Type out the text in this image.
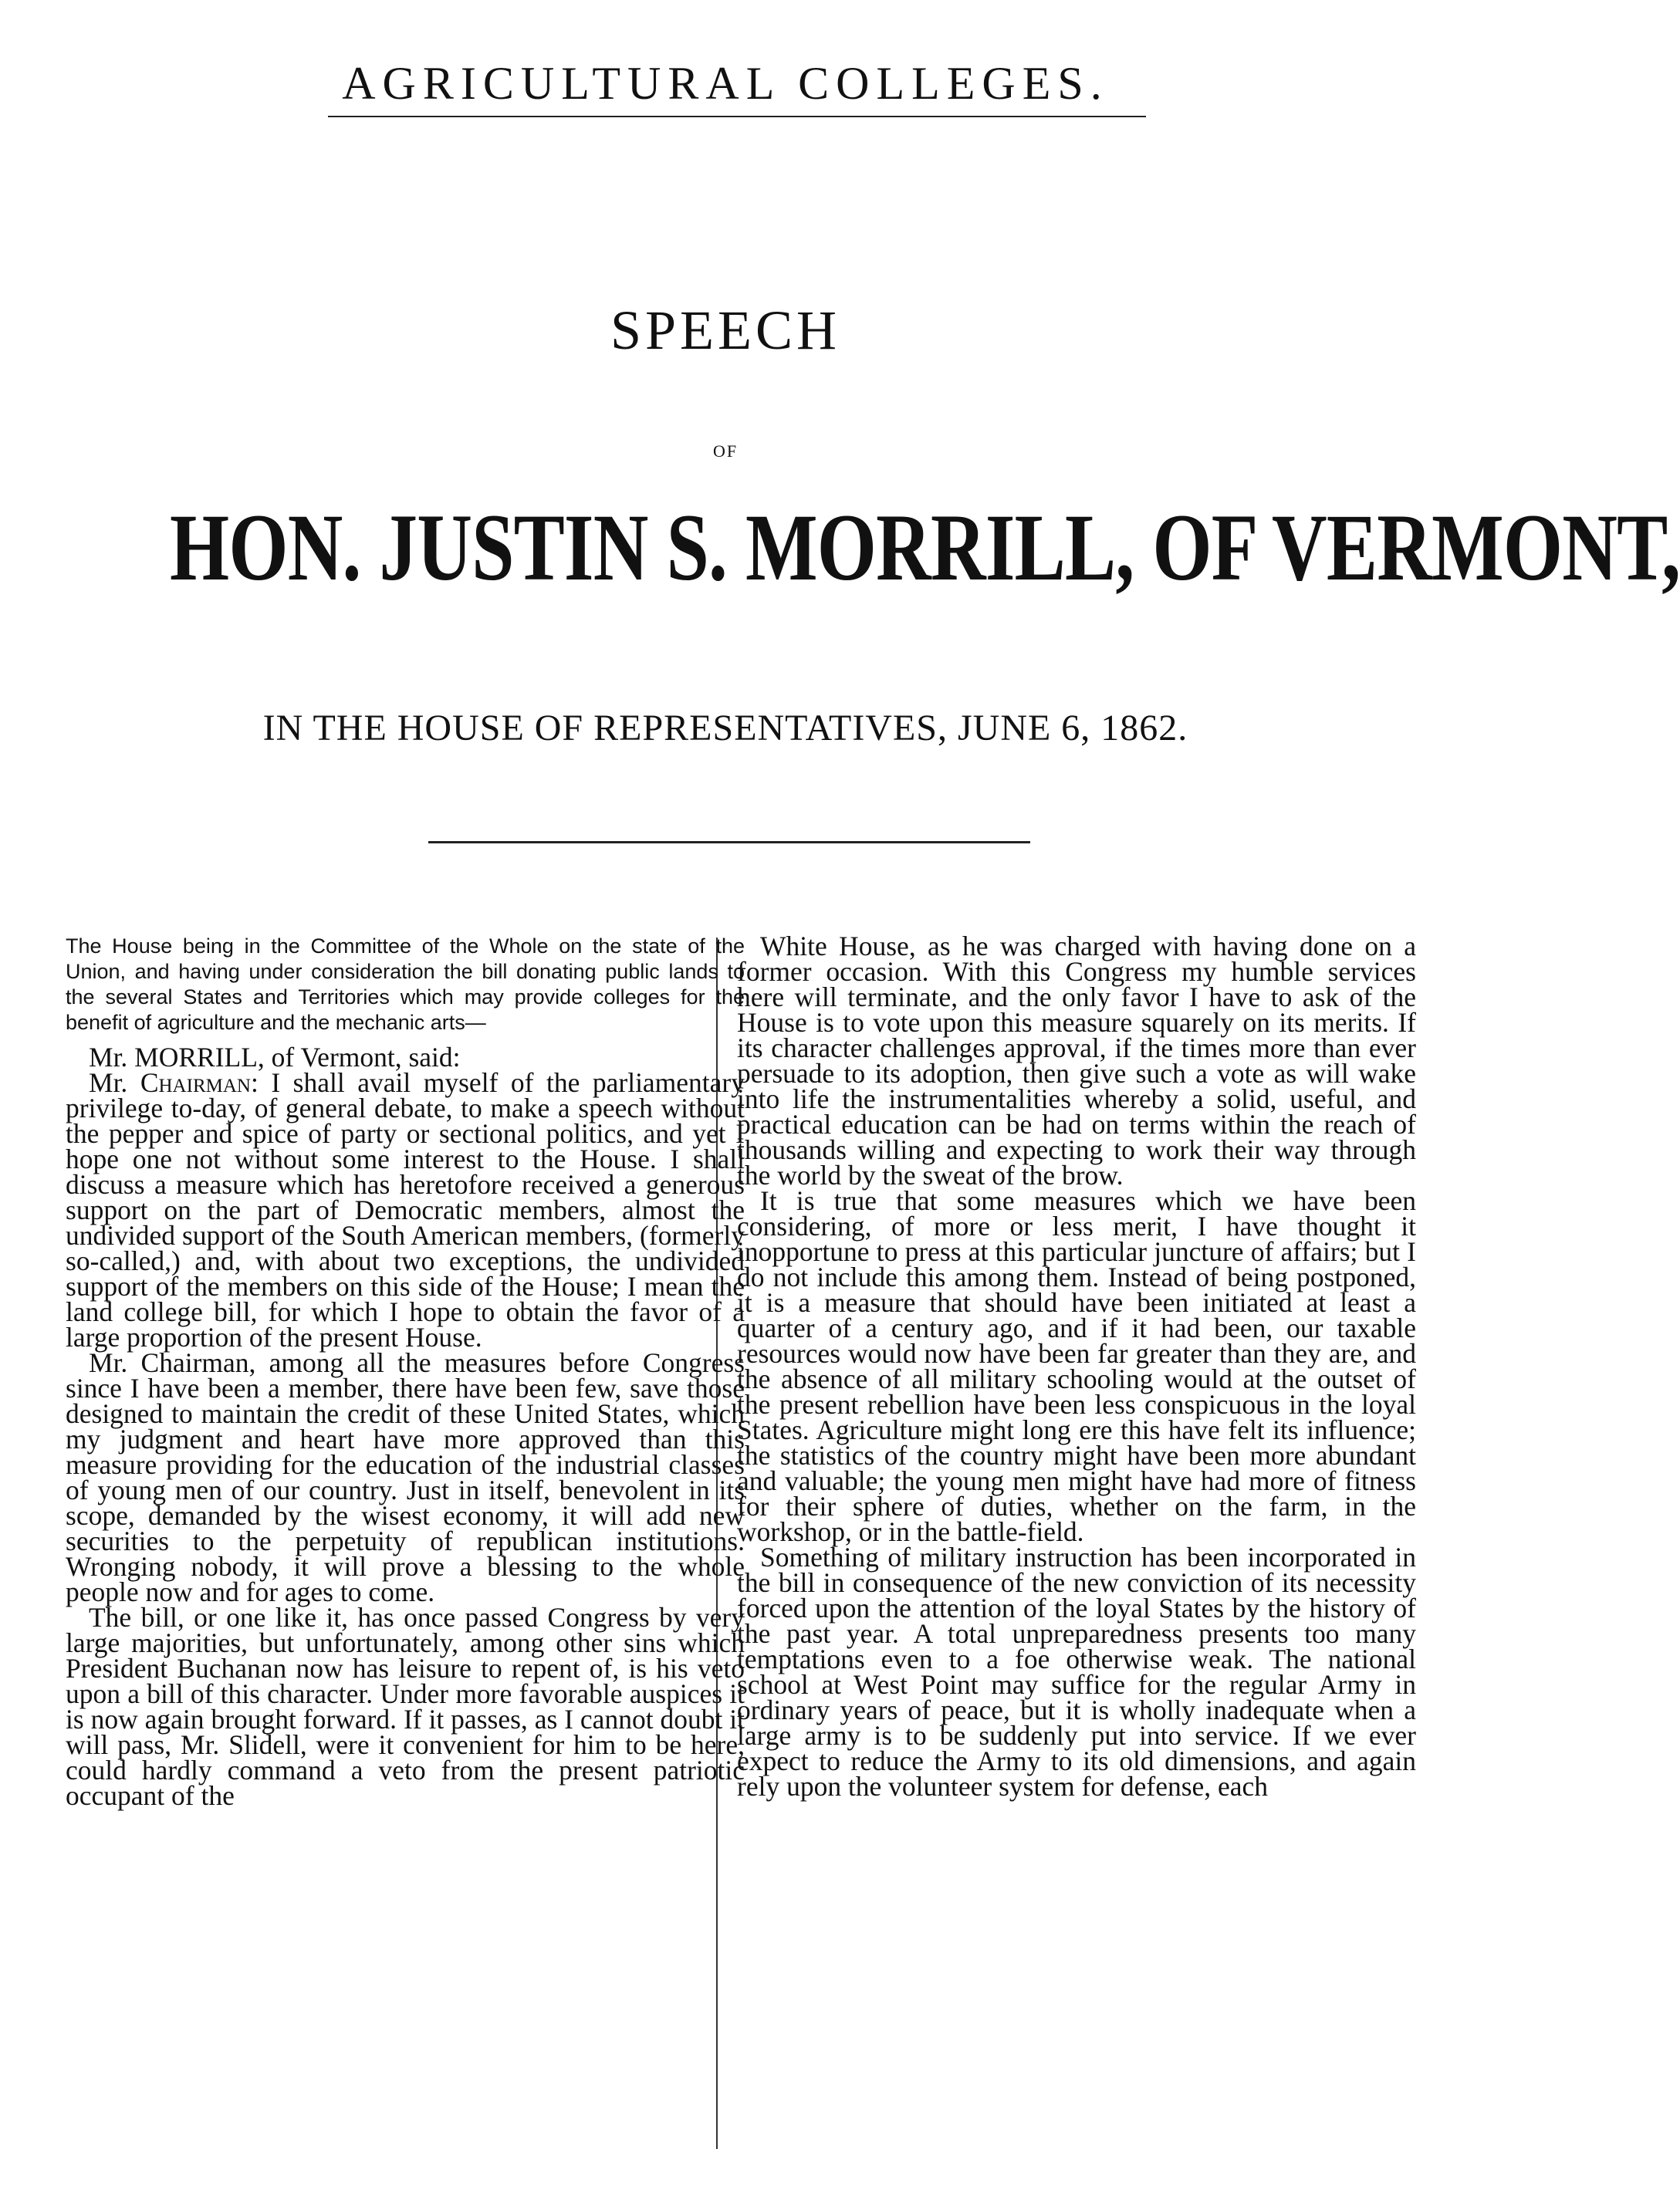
AGRICULTURAL COLLEGES.
SPEECH
OF
HON. JUSTIN S. MORRILL, OF VERMONT,
IN THE HOUSE OF REPRESENTATIVES, JUNE 6, 1862.

The House being in the Committee of the Whole on the state of the Union, and having under consideration the bill donating public lands to the several States and Territories which may provide colleges for the benefit of agriculture and the mechanic arts—

Mr. MORRILL, of Vermont, said:

Mr. Chairman: I shall avail myself of the parliamentary privilege to-day, of general debate, to make a speech without the pepper and spice of party or sectional politics, and yet I hope one not without some interest to the House. I shall discuss a measure which has heretofore received a generous support on the part of Democratic members, almost the undivided support of the South American members, (formerly so-called,) and, with about two exceptions, the undivided support of the members on this side of the House; I mean the land college bill, for which I hope to obtain the favor of a large proportion of the present House.

Mr. Chairman, among all the measures before Congress since I have been a member, there have been few, save those designed to maintain the credit of these United States, which my judgment and heart have more approved than this measure providing for the education of the industrial classes of young men of our country. Just in itself, benevolent in its scope, demanded by the wisest economy, it will add new securities to the perpetuity of republican institutions. Wronging nobody, it will prove a blessing to the whole people now and for ages to come.

The bill, or one like it, has once passed Congress by very large majorities, but unfortunately, among other sins which President Buchanan now has leisure to repent of, is his veto upon a bill of this character. Under more favorable auspices it is now again brought forward. If it passes, as I cannot doubt it will pass, Mr. Slidell, were it convenient for him to be here, could hardly command a veto from the present patriotic occupant of the

White House, as he was charged with having done on a former occasion. With this Congress my humble services here will terminate, and the only favor I have to ask of the House is to vote upon this measure squarely on its merits. If its character challenges approval, if the times more than ever persuade to its adoption, then give such a vote as will wake into life the instrumentalities whereby a solid, useful, and practical education can be had on terms within the reach of thousands willing and expecting to work their way through the world by the sweat of the brow.

It is true that some measures which we have been considering, of more or less merit, I have thought it inopportune to press at this particular juncture of affairs; but I do not include this among them. Instead of being postponed, it is a measure that should have been initiated at least a quarter of a century ago, and if it had been, our taxable resources would now have been far greater than they are, and the absence of all military schooling would at the outset of the present rebellion have been less conspicuous in the loyal States. Agriculture might long ere this have felt its influence; the statistics of the country might have been more abundant and valuable; the young men might have had more of fitness for their sphere of duties, whether on the farm, in the workshop, or in the battle-field.

Something of military instruction has been incorporated in the bill in consequence of the new conviction of its necessity forced upon the attention of the loyal States by the history of the past year. A total unpreparedness presents too many temptations even to a foe otherwise weak. The national school at West Point may suffice for the regular Army in ordinary years of peace, but it is wholly inadequate when a large army is to be suddenly put into service. If we ever expect to reduce the Army to its old dimensions, and again rely upon the volunteer system for defense, each
